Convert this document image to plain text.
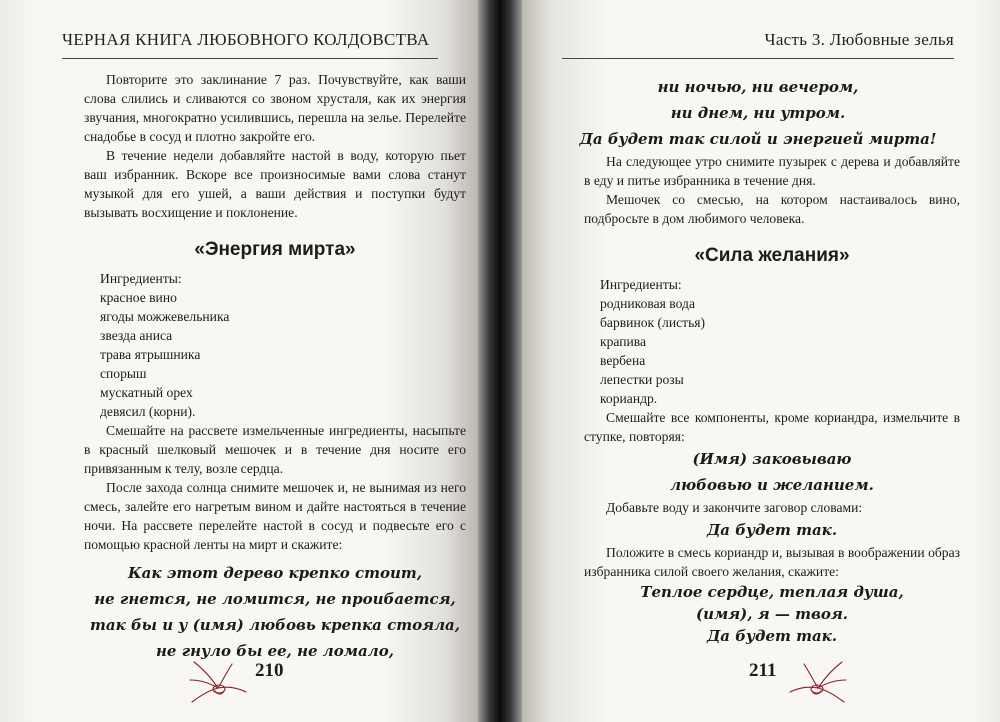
ЧЕРНАЯ КНИГА ЛЮБОВНОГО КОЛДОВСТВА

Повторите это заклинание 7 раз. Почувствуйте, как ваши слова слились и сливаются со звоном хрусталя, как их энергия звучания, многократно усилившись, перешла на зелье. Перелейте снадобье в сосуд и плотно закройте его.

В течение недели добавляйте настой в воду, которую пьет ваш избранник. Вскоре все произносимые вами слова станут музыкой для его ушей, а ваши действия и поступки будут вызывать восхищение и поклонение.

«Энергия мирта»
Ингредиенты:
красное вино
ягоды можжевельника
звезда аниса
трава ятрышника
спорыш
мускатный орех
девясил (корни).

Смешайте на рассвете измельченные ингредиенты, насыпьте в красный шелковый мешочек и в течение дня носите его привязанным к телу, возле сердца.

После захода солнца снимите мешочек и, не вынимая из него смесь, залейте его нагретым вином и дайте настояться в течение ночи. На рассвете перелейте настой в сосуд и подвесьте его с помощью красной ленты на мирт и скажите:

Как этот дерево крепко стоит,
не гнется, не ломится, не проибается,
так бы и у (имя) любовь крепка стояла,
не гнуло бы ее, не ломало,
210
Часть 3. Любовные зелья
ни ночью, ни вечером,
ни днем, ни утром.
Да будет так силой и энергией мирта!

На следующее утро снимите пузырек с дерева и добавляйте в еду и питье избранника в течение дня.

Мешочек со смесью, на котором настаивалось вино, подбросьте в дом любимого человека.

«Сила желания»
Ингредиенты:
родниковая вода
барвинок (листья)
крапива
вербена
лепестки розы
кориандр.

Смешайте все компоненты, кроме кориандра, измельчите в ступке, повторяя:

(Имя) заковываю
любовью и желанием.

Добавьте воду и закончите заговор словами:

Да будет так.

Положите в смесь кориандр и, вызывая в воображении образ избранника силой своего желания, скажите:

Теплое сердце, теплая душа,
(имя), я — твоя.
Да будет так.
211
